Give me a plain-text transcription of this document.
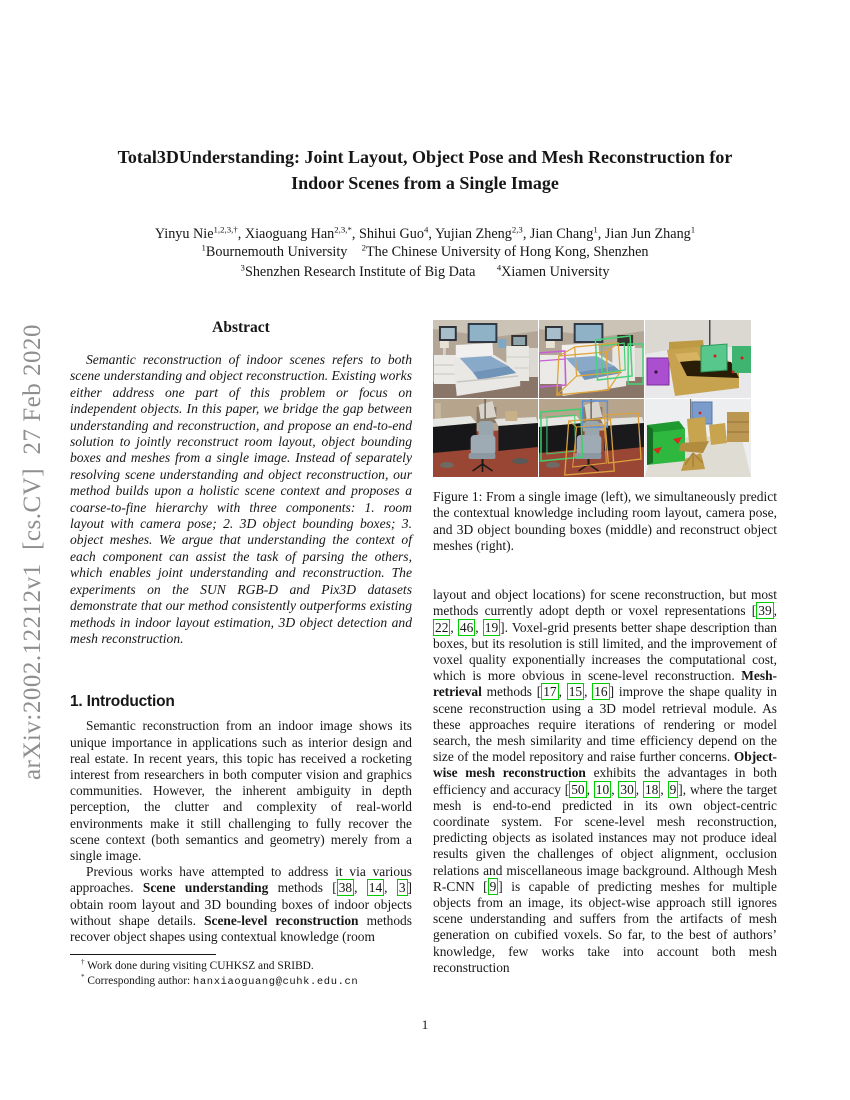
arXiv:2002.12212v1  [cs.CV]  27 Feb 2020
Total3DUnderstanding: Joint Layout, Object Pose and Mesh Reconstruction for
Indoor Scenes from a Single Image
Yinyu Nie$^{1,2,3,\dagger}$, Xiaoguang Han$^{2,3,*}$, Shihui Guo$^4$, Yujian Zheng$^{2,3}$, Jian Chang$^1$, Jian Jun Zhang$^1$
$^1$Bournemouth University $^2$The Chinese University of Hong Kong, Shenzhen
$^3$Shenzhen Research Institute of Big Data  $^4$Xiamen University
Abstract

Semantic reconstruction of indoor scenes refers to both scene understanding and object reconstruction. Existing works either address one part of this problem or focus on independent objects. In this paper, we bridge the gap between understanding and reconstruction, and propose an end-to-end solution to jointly reconstruct room layout, object bounding boxes and meshes from a single image. Instead of separately resolving scene understanding and object reconstruction, our method builds upon a holistic scene context and proposes a coarse-to-fine hierarchy with three components: 1. room layout with camera pose; 2. 3D object bounding boxes; 3. object meshes. We argue that understanding the context of each component can assist the task of parsing the others, which enables joint understanding and reconstruction. The experiments on the SUN RGB-D and Pix3D datasets demonstrate that our method consistently outperforms existing methods in indoor layout estimation, 3D object detection and mesh reconstruction.

1. Introduction

Semantic reconstruction from an indoor image shows its unique importance in applications such as interior design and real estate. In recent years, this topic has received a rocketing interest from researchers in both computer vision and graphics communities. However, the inherent ambiguity in depth perception, the clutter and complexity of real-world environments make it still challenging to fully recover the scene context (both semantics and geometry) merely from a single image.

Previous works have attempted to address it via various approaches. Scene understanding methods [ 38 , 14 , 3 ] obtain room layout and 3D bounding boxes of indoor objects without shape details. Scene-level reconstruction methods recover object shapes using contextual knowledge (room

Figure 1: From a single image (left), we simultaneously predict the contextual knowledge including room layout, camera pose, and 3D object bounding boxes (middle) and reconstruct object meshes (right).

layout and object locations) for scene reconstruction, but most methods currently adopt depth or voxel representations [ 39 , 22 , 46 , 19 ]. Voxel-grid presents better shape description than boxes, but its resolution is still limited, and the improvement of voxel quality exponentially increases the computational cost, which is more obvious in scene-level reconstruction. Mesh-retrieval methods [ 17 , 15 , 16 ] improve the shape quality in scene reconstruction using a 3D model retrieval module. As these approaches require iterations of rendering or model search, the mesh similarity and time efficiency depend on the size of the model repository and raise further concerns. Object-wise mesh reconstruction exhibits the advantages in both efficiency and accuracy [ 50 , 10 , 30 , 18 , 9 ], where the target mesh is end-to-end predicted in its own object-centric coordinate system. For scene-level mesh reconstruction, predicting objects as isolated instances may not produce ideal results given the challenges of object alignment, occlusion relations and miscellaneous image background. Although Mesh R-CNN [ 9 ] is capable of predicting meshes for multiple objects from an image, its object-wise approach still ignores scene understanding and suffers from the artifacts of mesh generation on cubified voxels. So far, to the best of authors’ knowledge, few works take into account both mesh reconstruction

† Work done during visiting CUHKSZ and SRIBD.
* Corresponding author: hanxiaoguang@cuhk.edu.cn
1
